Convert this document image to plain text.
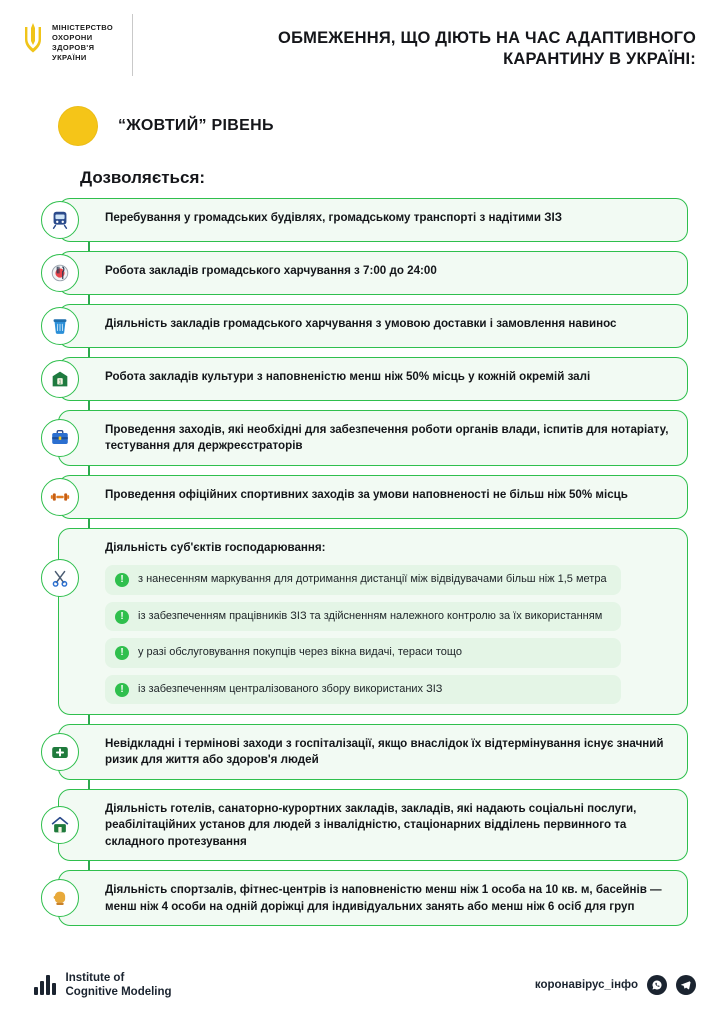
МІНІСТЕРСТВО
ОХОРОНИ
ЗДОРОВ'Я
УКРАЇНИ
ОБМЕЖЕННЯ, ЩО ДІЮТЬ НА ЧАС АДАПТИВНОГО КАРАНТИНУ В УКРАЇНІ:
“ЖОВТИЙ” РІВЕНЬ
Дозволяється:
Перебування у громадських будівлях, громадському транспорті з надітими ЗІЗ
Робота закладів громадського харчування з 7:00 до 24:00
Діяльність закладів громадського харчування з умовою доставки і замовлення навинос
1	Робота закладів культури з наповненістю менш ніж 50% місць у кожній окремій залі
Проведення заходів, які необхідні для забезпечення роботи органів влади, іспитів для нотаріату, тестування для держреєстраторів
Проведення офіційних спортивних заходів за умови наповненості не більш ніж 50% місць
Діяльність суб'єктів господарювання:
!	з нанесенням маркування для дотримання дистанції між відвідувачами більш ніж 1,5 метра
!	із забезпеченням працівників ЗІЗ та здійсненням належного контролю за їх використанням
!	у разі обслуговування покупців через вікна видачі, тераси тощо
!	із забезпеченням централізованого збору використаних ЗІЗ
Невідкладні і термінові заходи з госпіталізації, якщо внаслідок їх відтермінування існує значний ризик для життя або здоров'я людей
Діяльність готелів, санаторно-курортних закладів, закладів, які надають соціальні послуги, реабілітаційних установ для людей з інвалідністю, стаціонарних відділень первинного та складного протезування
Діяльність спортзалів, фітнес-центрів із наповненістю менш ніж 1 особа на 10 кв. м, басейнів — менш ніж 4 особи на одній доріжці для індивідуальних занять або менш ніж 6 осіб для груп
Institute of
Cognitive Modeling
коронавірус_інфо
